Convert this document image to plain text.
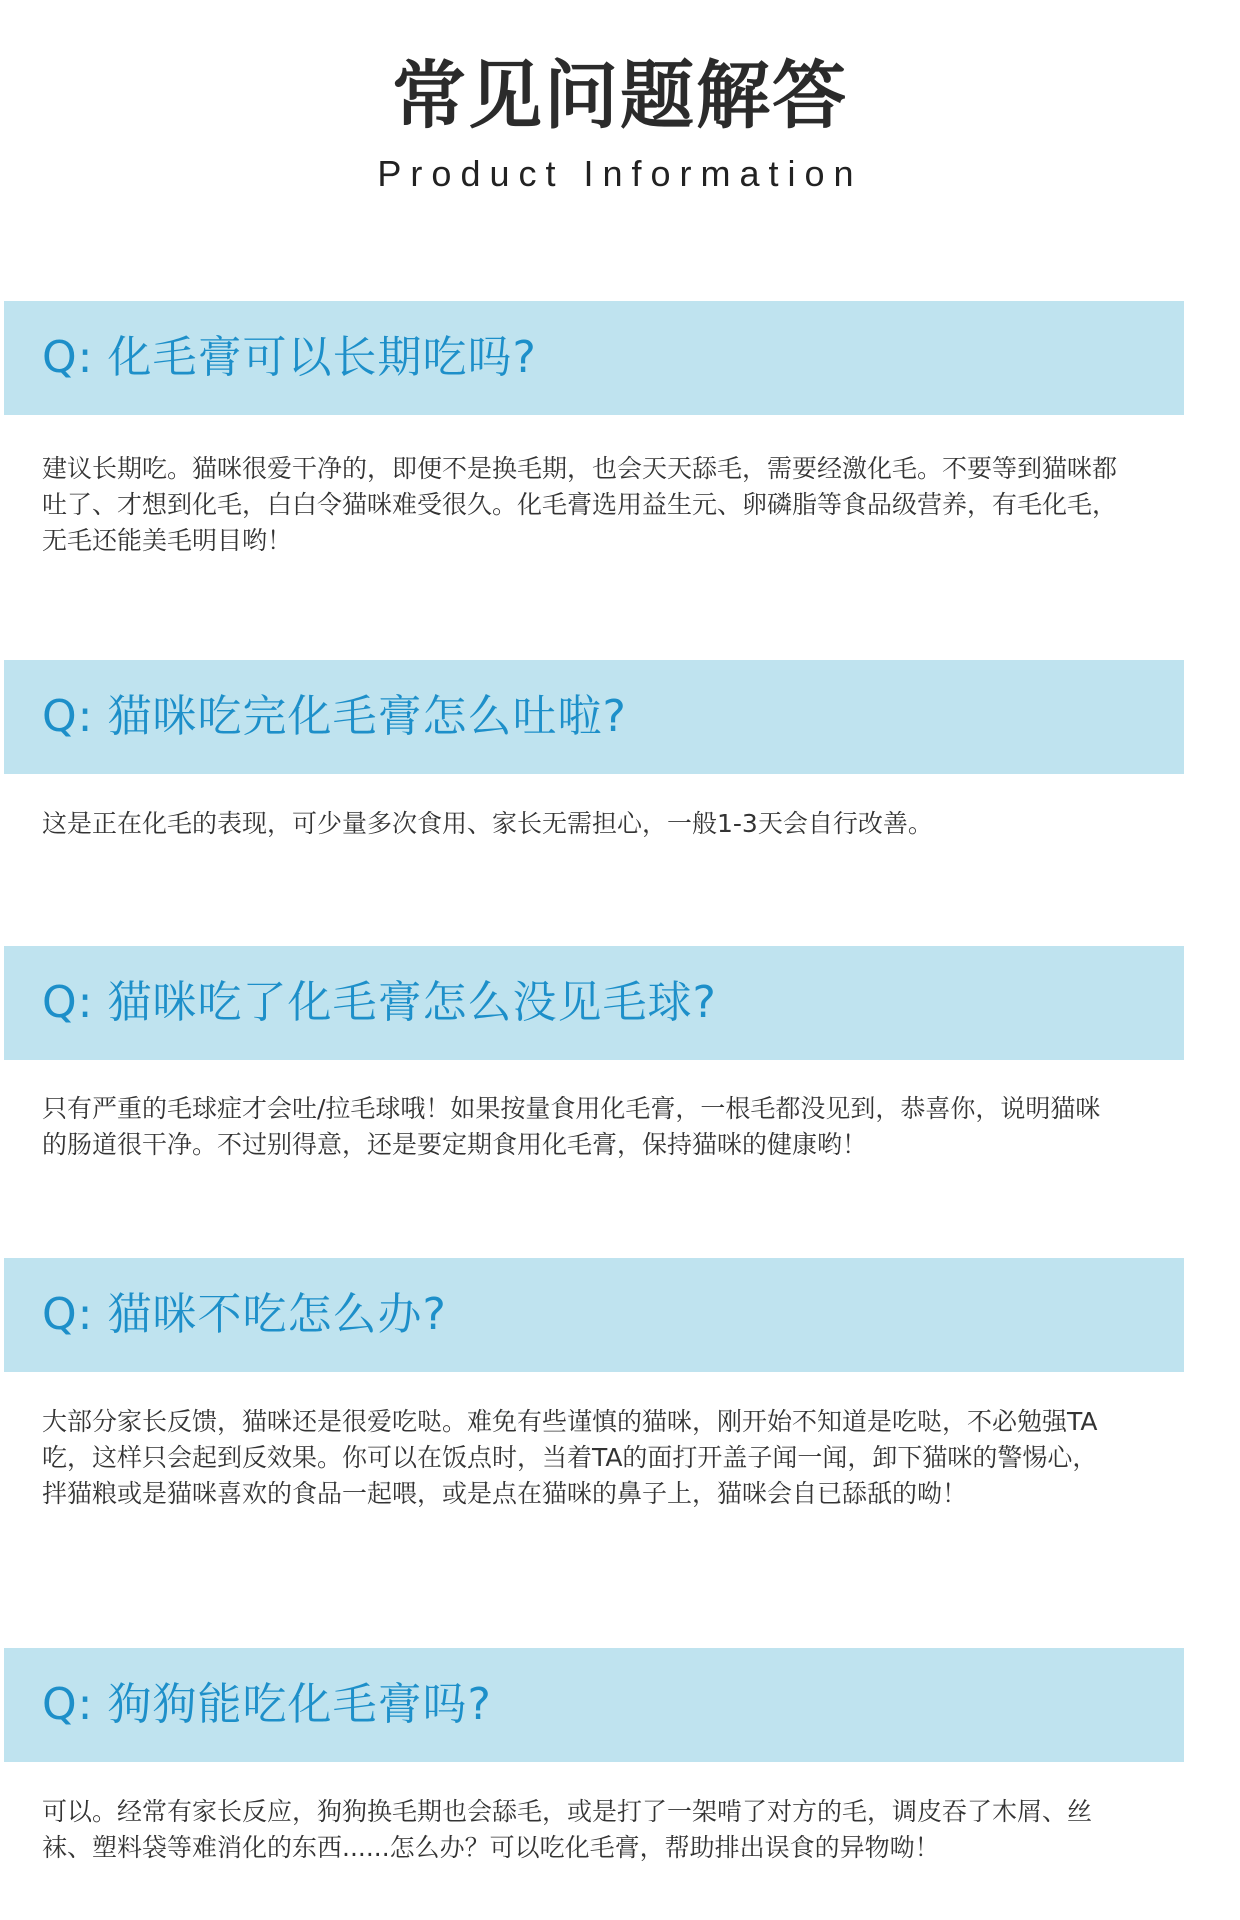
常见问题解答
Product Information
Q: 化毛膏可以长期吃吗?
建议长期吃。猫咪很爱干净的，即便不是换毛期，也会天天舔毛，需要经激化毛。不要等到猫咪都吐了、才想到化毛，白白令猫咪难受很久。化毛膏选用益生元、卵磷脂等食品级营养，有毛化毛，无毛还能美毛明目哟！
Q: 猫咪吃完化毛膏怎么吐啦?
这是正在化毛的表现，可少量多次食用、家长无需担心，一般1-3天会自行改善。
Q: 猫咪吃了化毛膏怎么没见毛球?
只有严重的毛球症才会吐/拉毛球哦！如果按量食用化毛膏，一根毛都没见到，恭喜你，说明猫咪的肠道很干净。不过别得意，还是要定期食用化毛膏，保持猫咪的健康哟！
Q: 猫咪不吃怎么办?
大部分家长反馈，猫咪还是很爱吃哒。难免有些谨慎的猫咪，刚开始不知道是吃哒，不必勉强TA吃，这样只会起到反效果。你可以在饭点时，当着TA的面打开盖子闻一闻，卸下猫咪的警惕心，拌猫粮或是猫咪喜欢的食品一起喂，或是点在猫咪的鼻子上，猫咪会自已舔舐的呦！
Q: 狗狗能吃化毛膏吗?
可以。经常有家长反应，狗狗换毛期也会舔毛，或是打了一架啃了对方的毛，调皮吞了木屑、丝袜、塑料袋等难消化的东西......怎么办？可以吃化毛膏，帮助排出误食的异物呦！
